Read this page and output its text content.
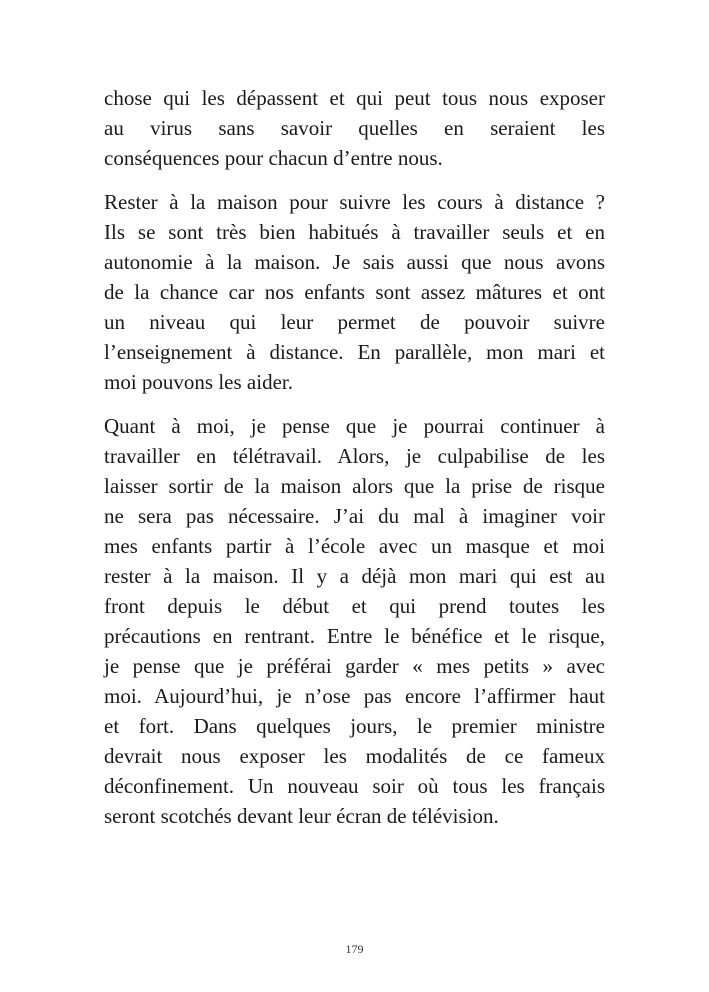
chose qui les dépassent et qui peut tous nous exposer
au virus sans savoir quelles en seraient les
conséquences pour chacun d’entre nous.

Rester à la maison pour suivre les cours à distance ?
Ils se sont très bien habitués à travailler seuls et en
autonomie à la maison. Je sais aussi que nous avons
de la chance car nos enfants sont assez mâtures et ont
un niveau qui leur permet de pouvoir suivre
l’enseignement à distance. En parallèle, mon mari et
moi pouvons les aider.

Quant à moi, je pense que je pourrai continuer à
travailler en télétravail. Alors, je culpabilise de les
laisser sortir de la maison alors que la prise de risque
ne sera pas nécessaire. J’ai du mal à imaginer voir
mes enfants partir à l’école avec un masque et moi
rester à la maison. Il y a déjà mon mari qui est au
front depuis le début et qui prend toutes les
précautions en rentrant. Entre le bénéfice et le risque,
je pense que je préférai garder « mes petits » avec
moi. Aujourd’hui, je n’ose pas encore l’affirmer haut
et fort. Dans quelques jours, le premier ministre
devrait nous exposer les modalités de ce fameux
déconfinement. Un nouveau soir où tous les français
seront scotchés devant leur écran de télévision.

179
